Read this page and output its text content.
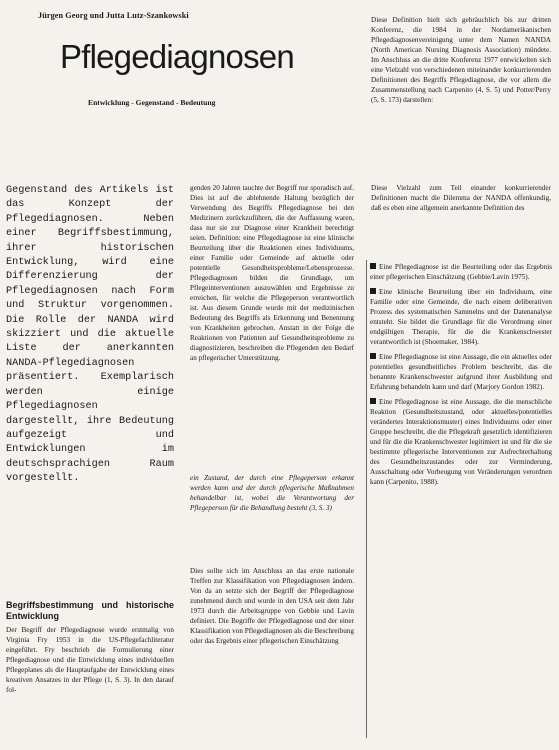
Jürgen Georg und Jutta Lutz-Szankowski
Pflegediagnosen
Entwicklung - Gegenstand - Bedeutung
Gegenstand des Artikels ist das Konzept der Pflegediagnosen. Neben einer Begriffsbestimmung, ihrer historischen Entwicklung, wird eine Differenzierung der Pflegediagnosen nach Form und Struktur vorgenommen. Die Rolle der NANDA wird skizziert und die aktuelle Liste der anerkannten NANDA-Pflegediagnosen präsentiert. Exemplarisch werden einige Pflegediagnosen dargestellt, ihre Bedeutung aufgezeigt und Entwicklungen im deutschsprachigen Raum vorgestellt.
Begriffsbestimmung und historische Entwicklung

Der Begriff der Pflegediagnose wurde erstmalig von Virginia Fry 1953 in die US-Pflegefachliteratur eingeführt. Fry beschrieb die Formulierung einer Pflegediagnose und die Entwicklung eines individuellen Pflegeplanes als die Hauptaufgabe der Entwicklung eines kreativen Ansatzes in der Pflege (1, S. 3). In den darauf fol-

genden 20 Jahren tauchte der Begriff nur sporadisch auf. Dies ist auf die ablehnende Haltung bezüglich der Verwendung des Begriffs Pflegediagnose bei den Medizinern zurückzuführen, die der Auffassung waren, dass nur sie zur Diagnose einer Krankheit berechtigt seien. Definition: eine Pflegediagnose ist eine klinische Beurteilung über die Reaktionen eines Individuums, einer Familie oder Gemeinde auf aktuelle oder potentielle Gesundheitsprobleme/Lebensprozesse. Pflegediagnosen bilden die Grundlage, um Pflegeinterventionen auszuwählen und Ergebnisse zu erreichen, für welche die Pflegeperson verantwortlich ist. Aus diesem Grunde wurde mit der medizinischen Bedeutung des Begriffs als Erkennung und Benennung von Krankheiten gebrochen. Anstatt in der Folge die Reaktionen von Patienten auf Gesundheitsprobleme zu diagnostizieren, beschreiben die Pflegenden den Bedarf an pflegerischer Unterstützung.

ein Zustand, der durch eine Pflegeperson erkannt werden kann und der durch pflegerische Maßnahmen behandelbar ist, wobei die Verantwortung der Pflegeperson für die Behandlung besteht (3, S. 3)

Dies sollte sich im Anschluss an das erste nationale Treffen zur Klassifikation von Pflegediagnosen ändern. Von da an setzte sich der Begriff der Pflegediagnose zunehmend durch und wurde in den USA seit dem Jahr 1973 durch die Arbeitsgruppe von Gebbie und Lavin definiert. Die Begriffe der Pflegediagnose und der einer Klassifikation von Pflegediagnosen als die Beschreibung oder das Ergebnis einer pflegerischen Einschätzung

Diese Definition hielt sich gebräuchlich bis zur dritten Konferenz, die 1984 in der Nordamerikanischen Pflegediagnosenvereinigung unter dem Namen NANDA (North American Nursing Diagnosis Association) mündete. Im Anschluss an die dritte Konferenz 1977 entwickelten sich eine Vielzahl von verschiedenen miteinander konkurrierenden Definitionen des Begriffs Pflegediagnose, die vor allem die Zusammenstellung nach Carpenito (4, S. 5) und Potter/Perry (5, S. 173) darstellen:

Diese Vielzahl zum Teil einander konkurrierender Definitionen macht die Dilemma der NANDA offenkundig, daß es eben eine allgemein anerkannte Definition des

Eine Pflegediagnose ist die Beurteilung oder das Ergebnis einer pflegerischen Einschätzung (Gebbie/Lavin 1975).

Eine klinische Beurteilung über ein Individuum, eine Familie oder eine Gemeinde, die nach einem deliberativen Prozess des systematischen Sammelns und der Datenanalyse entsteht. Sie bildet die Grundlage für die Verordnung einer endgültigen Therapie, für die die Krankenschwester verantwortlich ist (Shoemaker, 1984).

Eine Pflegediagnose ist eine Aussage, die ein aktuelles oder potentielles gesundheitliches Problem beschreibt, das die benannte Krankenschwester aufgrund ihrer Ausbildung und Erfahrung behandeln kann und darf (Marjory Gordon 1982).

Eine Pflegediagnose ist eine Aussage, die die menschliche Reaktion (Gesundheitszustand, oder aktuelles/potentielles verändertes Interaktionsmuster) eines Individuums oder einer Gruppe beschreibt, die die Pflegekraft gesetzlich identifizieren und für die die Krankenschwester legitimiert ist und für die sie bestimmte pflegerische Interventionen zur Aufrechterhaltung des Gesundheitszustandes oder zur Verminderung, Ausschaltung oder Vorbeugung von Veränderungen verordnen kann (Carpenito, 1988).
